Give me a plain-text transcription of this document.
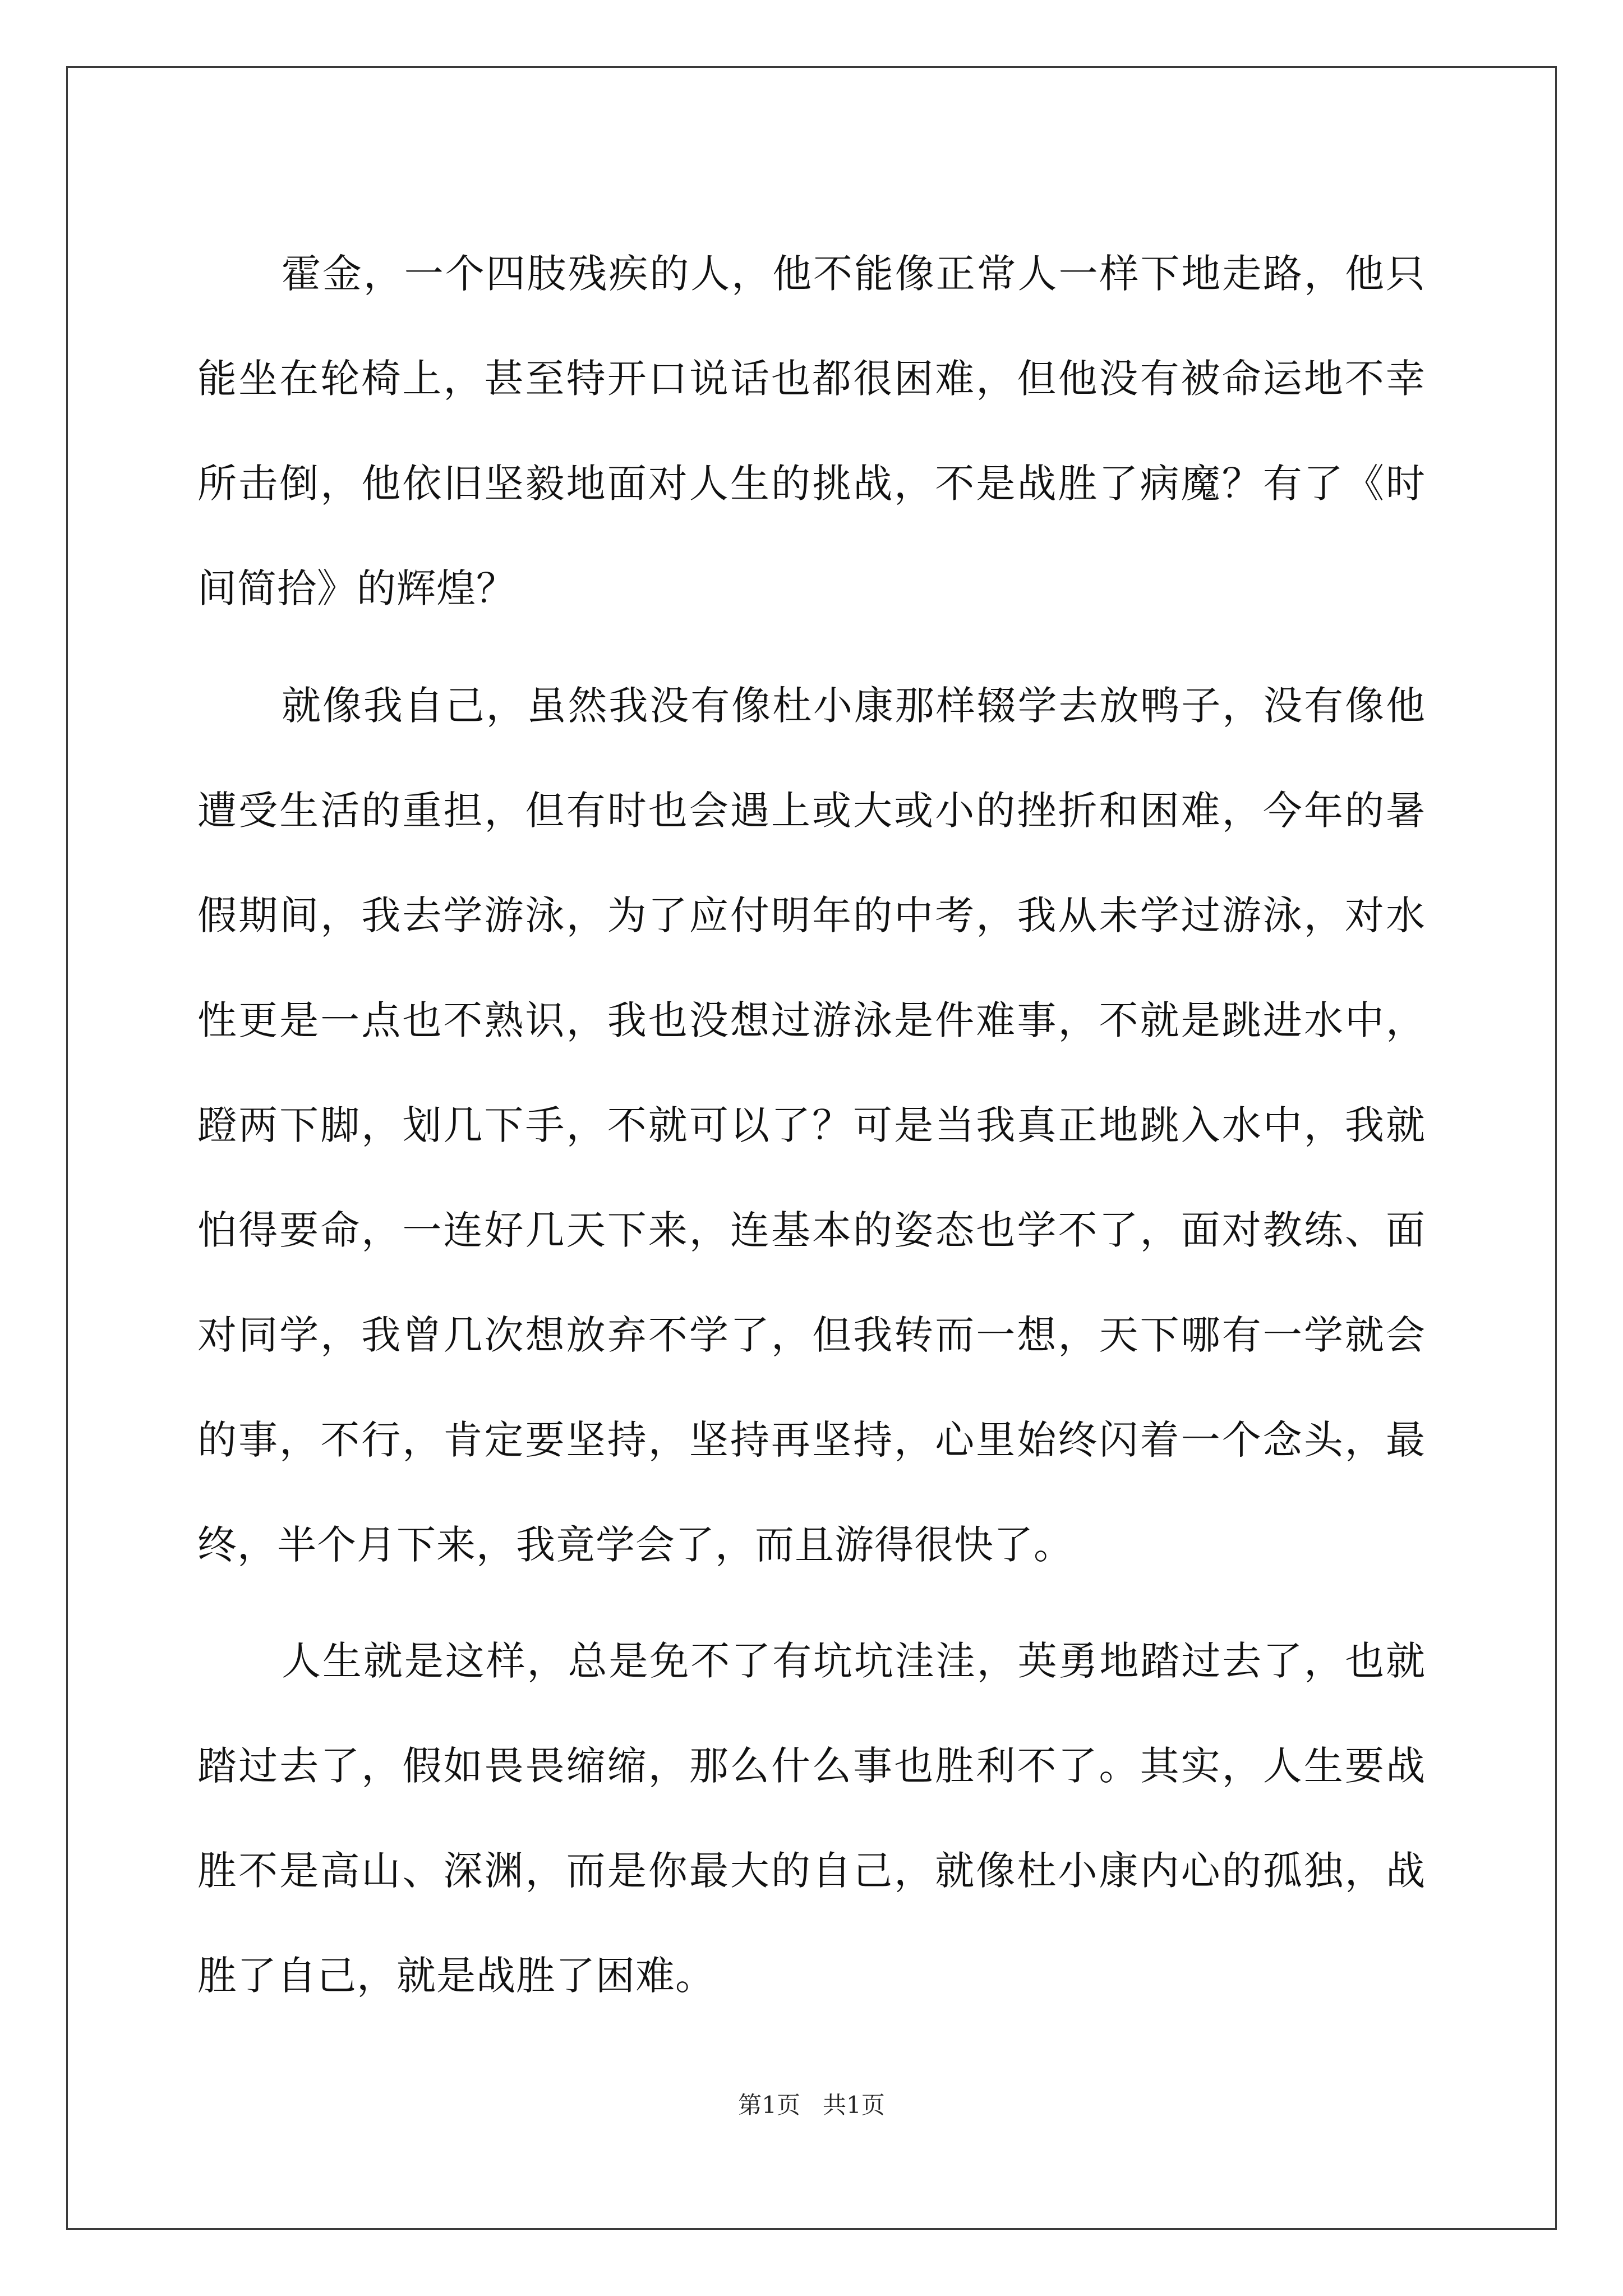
霍金，一个四肢残疾的人，他不能像正常人一样下地走路，他只能坐在轮椅上，甚至特开口说话也都很困难，但他没有被命运地不幸所击倒，他依旧坚毅地面对人生的挑战，不是战胜了病魔？有了《时间简拾》的辉煌？

就像我自己，虽然我没有像杜小康那样辍学去放鸭子，没有像他遭受生活的重担，但有时也会遇上或大或小的挫折和困难，今年的暑假期间，我去学游泳，为了应付明年的中考，我从未学过游泳，对水性更是一点也不熟识，我也没想过游泳是件难事，不就是跳进水中，蹬两下脚，划几下手，不就可以了？可是当我真正地跳入水中，我就怕得要命，一连好几天下来，连基本的姿态也学不了，面对教练、面对同学，我曾几次想放弃不学了，但我转而一想，天下哪有一学就会的事，不行，肯定要坚持，坚持再坚持，心里始终闪着一个念头，最终，半个月下来，我竟学会了，而且游得很快了。

人生就是这样，总是免不了有坑坑洼洼，英勇地踏过去了，也就踏过去了，假如畏畏缩缩，那么什么事也胜利不了。其实，人生要战胜不是高山、深渊，而是你最大的自己，就像杜小康内心的孤独，战胜了自己，就是战胜了困难。

第1页 共1页
